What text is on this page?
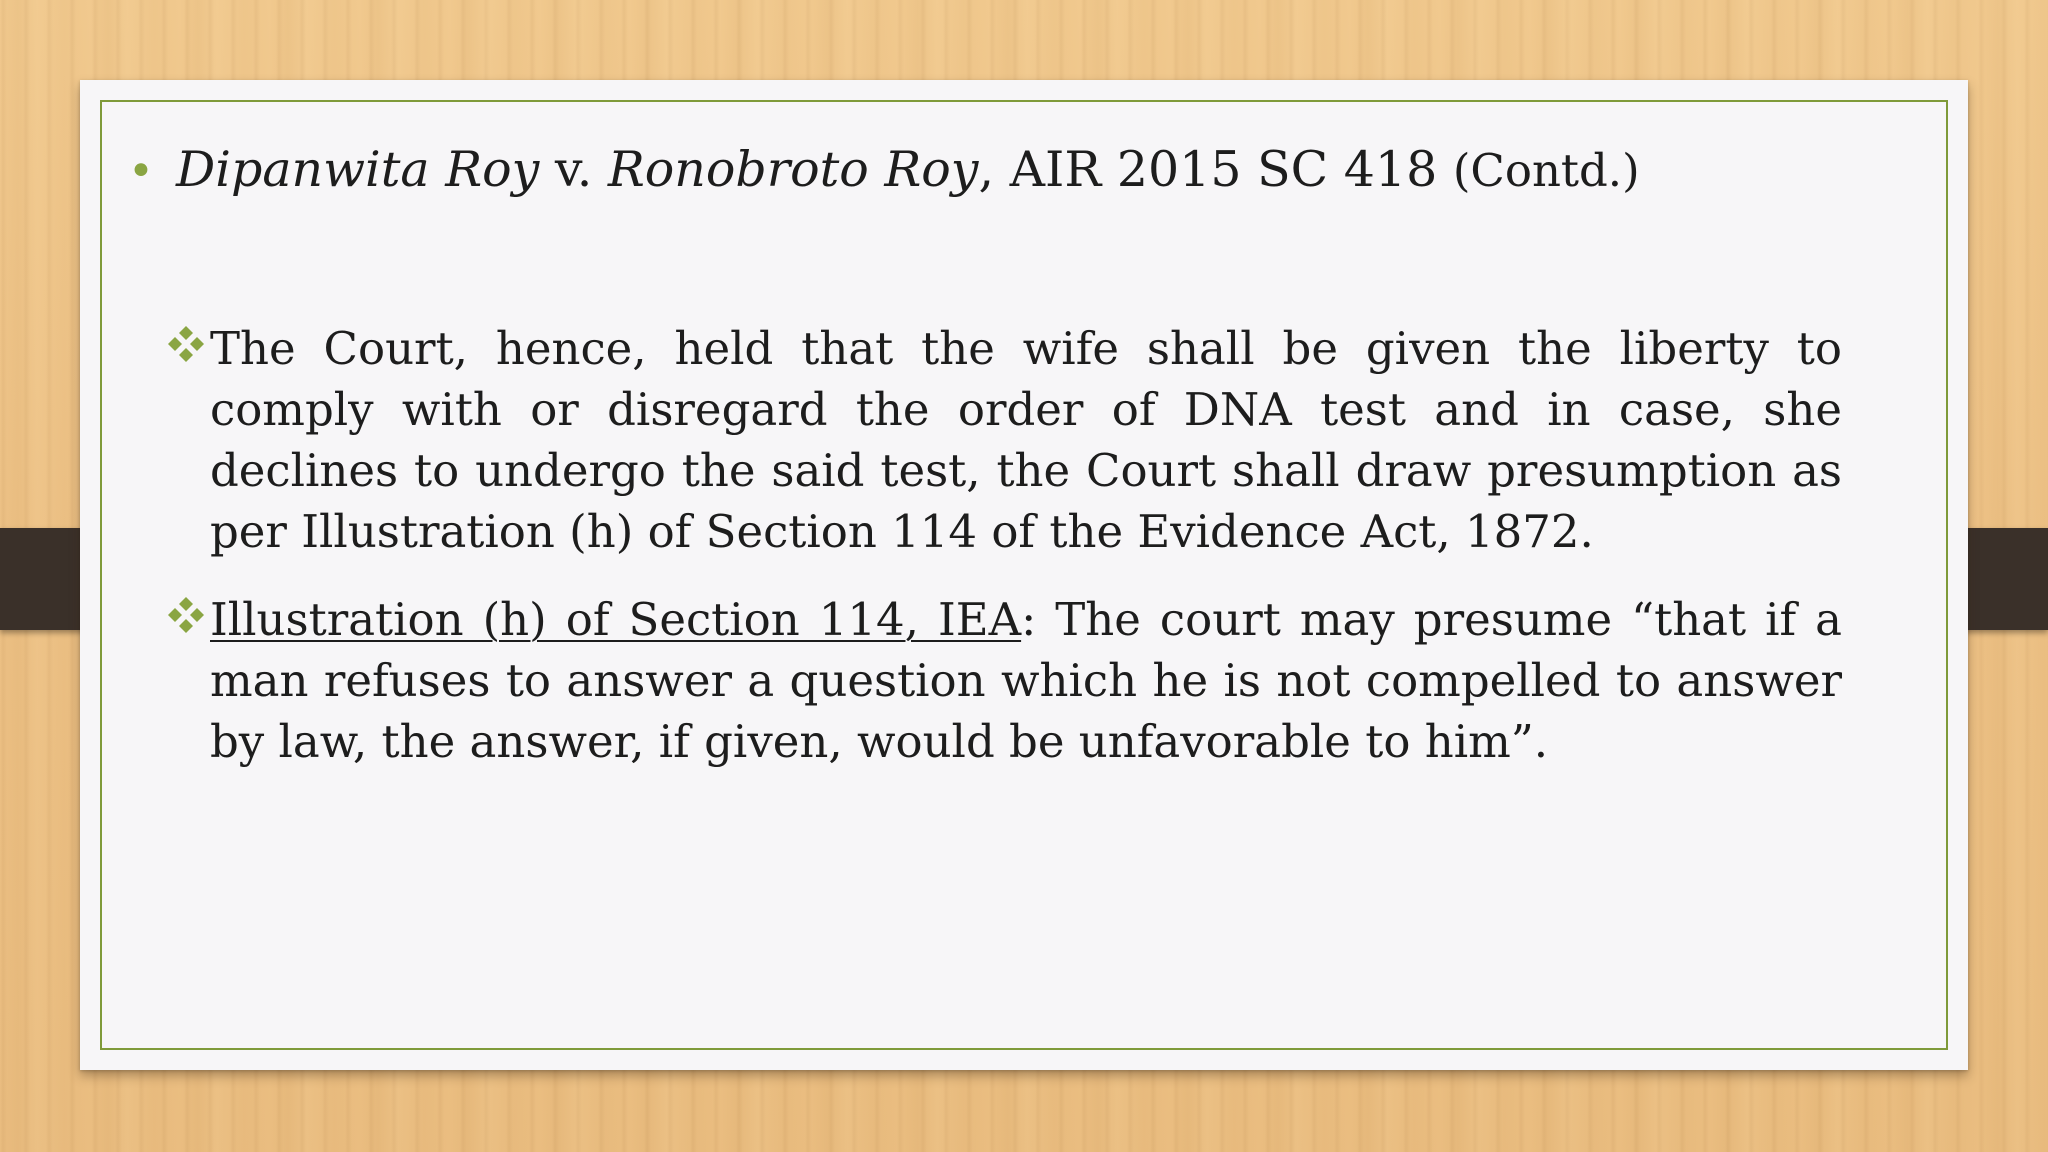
• Dipanwita Roy v. Ronobroto Roy, AIR 2015 SC 418 (Contd.)
The Court, hence, held that the wife shall be given the liberty to comply with or disregard the order of DNA test and in case, she declines to undergo the said test, the Court shall draw presumption as per Illustration (h) of Section 114 of the Evidence Act, 1872.
Illustration (h) of Section 114, IEA: The court may presume “that if a man refuses to answer a question which he is not compelled to answer by law, the answer, if given, would be unfavorable to him”.
